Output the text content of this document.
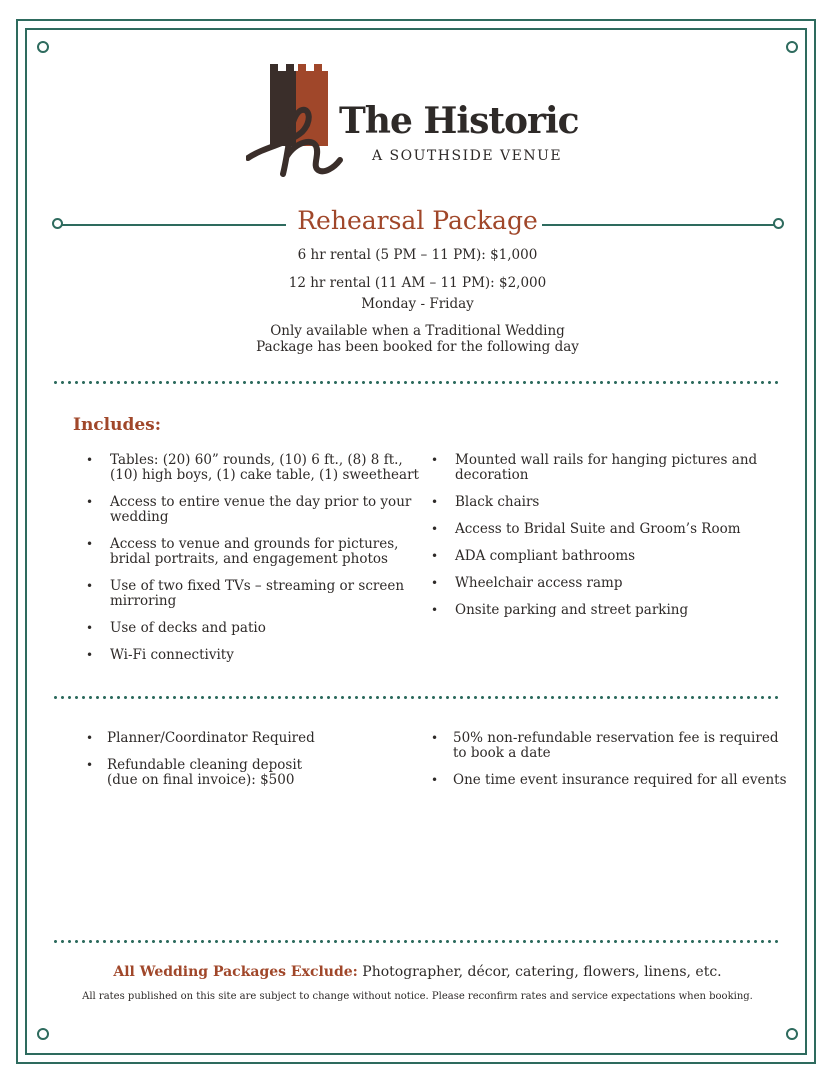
The Historic
A SOUTHSIDE VENUE
Rehearsal Package
6 hr rental (5 PM – 11 PM): $1,000
12 hr rental (11 AM – 11 PM): $2,000
Monday - Friday
Only available when a Traditional Wedding
Package has been booked for the following day
Includes:
• Tables: (20) 60” rounds, (10) 6 ft., (8) 8 ft., (10) high boys, (1) cake table, (1) sweetheart
• Access to entire venue the day prior to your wedding
• Access to venue and grounds for pictures, bridal portraits, and engagement photos
• Use of two fixed TVs – streaming or screen mirroring
• Use of decks and patio
• Wi-Fi connectivity
• Mounted wall rails for hanging pictures and decoration
• Black chairs
• Access to Bridal Suite and Groom’s Room
• ADA compliant bathrooms
• Wheelchair access ramp
• Onsite parking and street parking
• Planner/Coordinator Required
• Refundable cleaning deposit (due on final invoice): $500
• 50% non-refundable reservation fee is required to book a date
• One time event insurance required for all events
All Wedding Packages Exclude: Photographer, décor, catering, flowers, linens, etc.
All rates published on this site are subject to change without notice. Please reconfirm rates and service expectations when booking.
